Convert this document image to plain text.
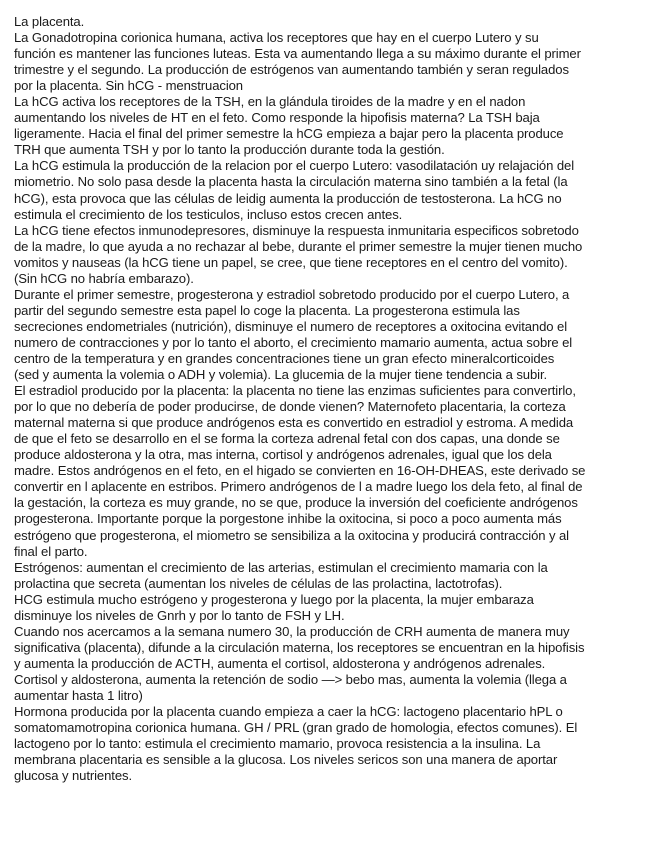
La placenta.
La Gonadotropina corionica humana, activa los receptores que hay en el cuerpo Lutero y su
función es mantener las funciones luteas. Esta va aumentando llega a su máximo durante el primer
trimestre y el segundo. La producción de estrógenos van aumentando también y seran regulados
por la placenta. Sin hCG - menstruacion
La hCG activa los receptores de la TSH, en la glándula tiroides de la madre y en el nadon
aumentando los niveles de HT en el feto. Como responde la hipofisis materna? La TSH baja
ligeramente. Hacia el final del primer semestre la hCG empieza a bajar pero la placenta produce
TRH que aumenta TSH y por lo tanto la producción durante toda la gestión.
La hCG estimula la producción de la relacion por el cuerpo Lutero: vasodilatación uy relajación del
miometrio. No solo pasa desde la placenta hasta la circulación materna sino también a la fetal (la
hCG), esta provoca que las células de leidig aumenta la producción de testosterona. La hCG no
estimula el crecimiento de los testiculos, incluso estos crecen antes.
La hCG tiene efectos inmunodepresores, disminuye la respuesta inmunitaria especificos sobretodo
de la madre, lo que ayuda a no rechazar al bebe, durante el primer semestre la mujer tienen mucho
vomitos y nauseas (la hCG tiene un papel, se cree, que tiene receptores en el centro del vomito).
(Sin hCG no habría embarazo).
Durante el primer semestre, progesterona y estradiol sobretodo producido por el cuerpo Lutero, a
partir del segundo semestre esta papel lo coge la placenta. La progesterona estimula las
secreciones endometriales (nutrición), disminuye el numero de receptores a oxitocina evitando el
numero de contracciones y por lo tanto el aborto, el crecimiento mamario aumenta, actua sobre el
centro de la temperatura y en grandes concentraciones tiene un gran efecto mineralcorticoides
(sed y aumenta la volemia o ADH y volemia). La glucemia de la mujer tiene tendencia a subir.
El estradiol producido por la placenta: la placenta no tiene las enzimas suficientes para convertirlo,
por lo que no debería de poder producirse, de donde vienen? Maternofeto placentaria, la corteza
maternal materna si que produce andrógenos esta es convertido en estradiol y estroma. A medida
de que el feto se desarrollo en el se forma la corteza adrenal fetal con dos capas, una donde se
produce aldosterona y la otra, mas interna, cortisol y andrógenos adrenales, igual que los dela
madre. Estos andrógenos en el feto, en el higado se convierten en 16-OH-DHEAS, este derivado se
convertir en l aplacente en estribos. Primero andrógenos de l a madre luego los dela feto, al final de
la gestación, la corteza es muy grande, no se que, produce la inversión del coeficiente andrógenos
progesterona. Importante porque la porgestone inhibe la oxitocina, si poco a poco aumenta más
estrógeno que progesterona, el miometro se sensibiliza a la oxitocina y producirá contracción y al
final el parto.
Estrógenos: aumentan el crecimiento de las arterias, estimulan el crecimiento mamaria con la
prolactina que secreta (aumentan los niveles de células de las prolactina, lactotrofas).
HCG estimula mucho estrógeno y progesterona y luego por la placenta, la mujer embaraza
disminuye los niveles de Gnrh y por lo tanto de FSH y LH.
Cuando nos acercamos a la semana numero 30, la producción de CRH aumenta de manera muy
significativa (placenta), difunde a la circulación materna, los receptores se encuentran en la hipofisis
y aumenta la producción de ACTH, aumenta el cortisol, aldosterona y andrógenos adrenales.
Cortisol y aldosterona, aumenta la retención de sodio —> bebo mas, aumenta la volemia (llega a
aumentar hasta 1 litro)
Hormona producida por la placenta cuando empieza a caer la hCG: lactogeno placentario hPL o
somatomamotropina corionica humana. GH / PRL (gran grado de homologia, efectos comunes). El
lactogeno por lo tanto: estimula el crecimiento mamario, provoca resistencia a la insulina. La
membrana placentaria es sensible a la glucosa. Los niveles sericos son una manera de aportar
glucosa y nutrientes.
